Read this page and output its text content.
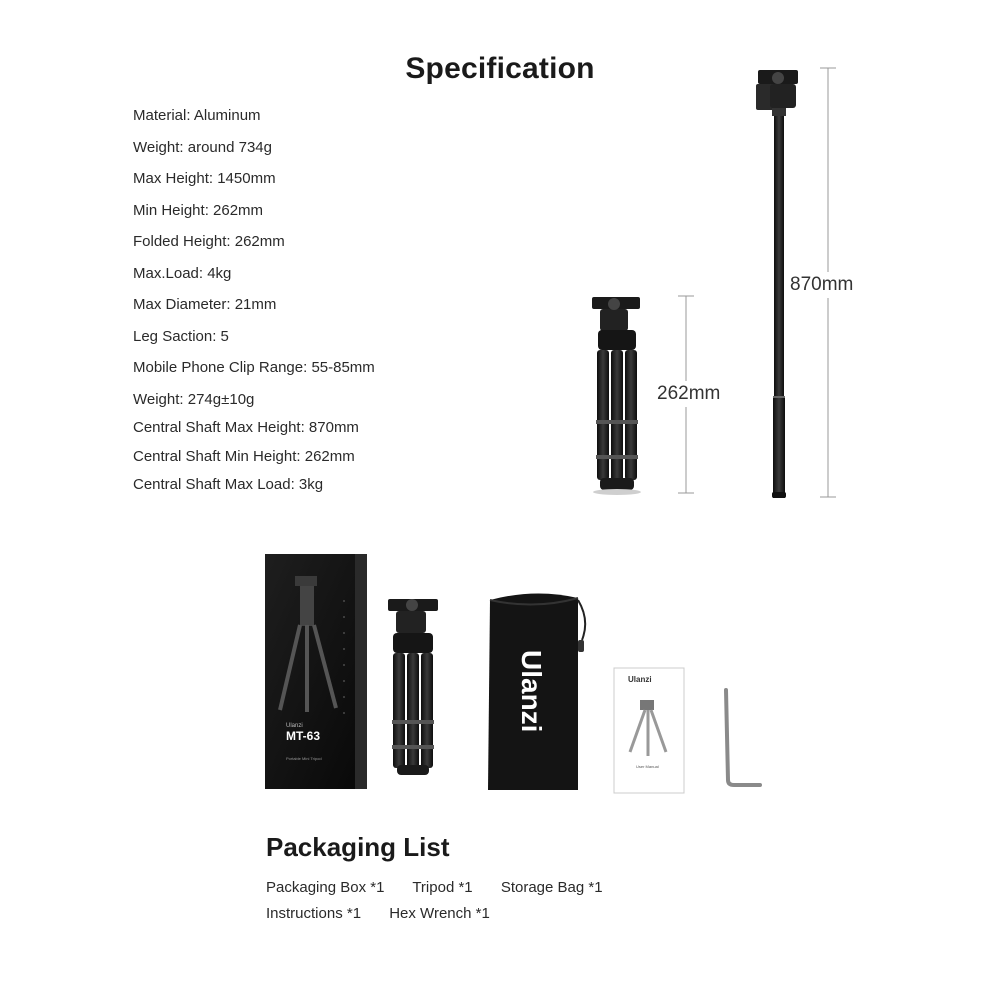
Specification
Material: Aluminum
Weight: around 734g
Max Height: 1450mm
Min Height: 262mm
Folded Height: 262mm
Max.Load: 4kg
Max Diameter: 21mm
Leg Saction: 5
Mobile Phone Clip Range: 55-85mm
Weight: 274g±10g
Central Shaft Max Height: 870mm
Central Shaft Min Height: 262mm
Central Shaft Max Load: 3kg
Ulanzi
MT-63
Portable Mini Tripod
Ulanzi	Ulanzi
User Manual
262mm
870mm
Packaging List
Packaging Box *1 Tripod *1 Storage Bag *1
Instructions *1 Hex Wrench *1
